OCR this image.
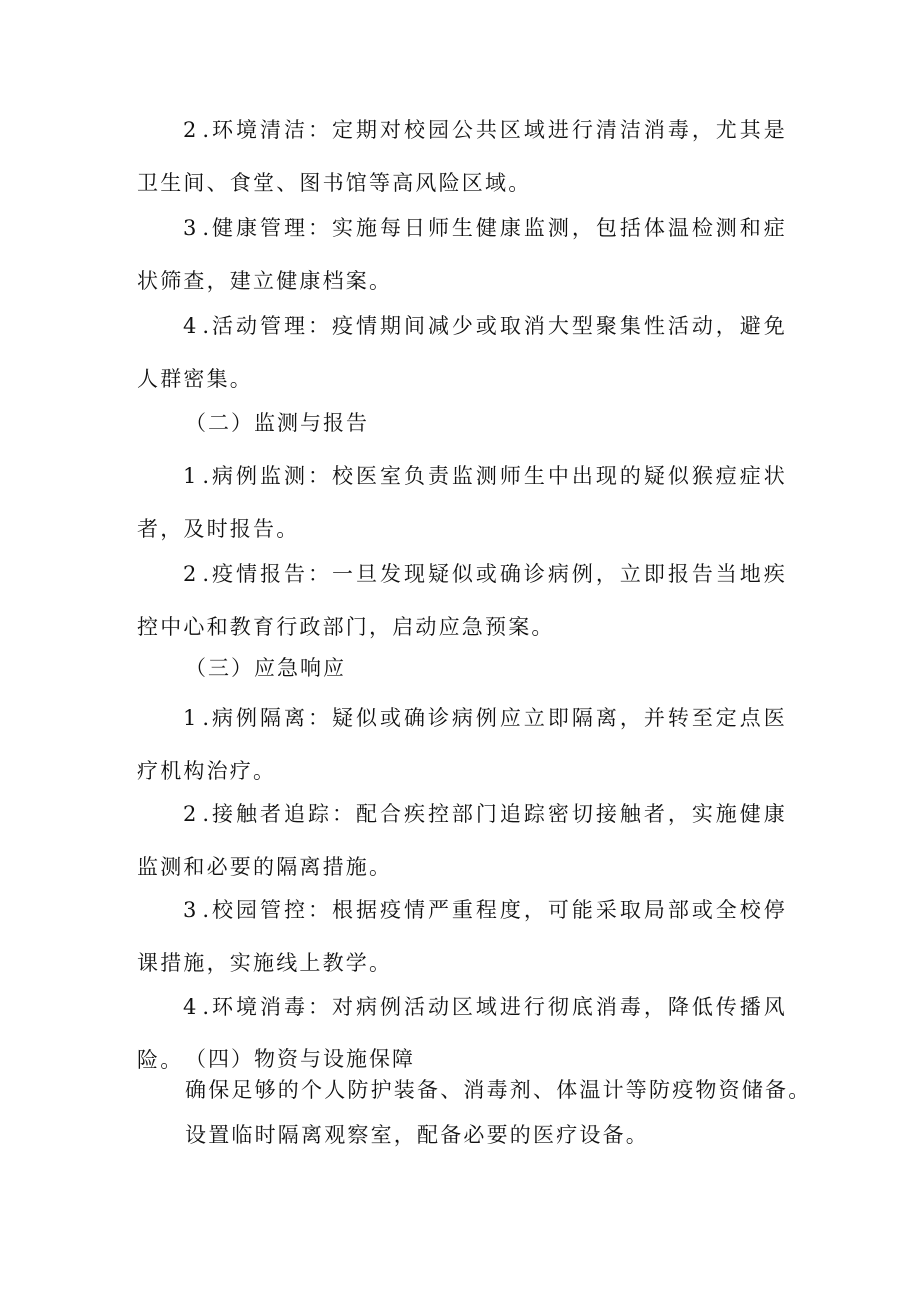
2.环境清洁：定期对校园公共区域进行清洁消毒，尤其是卫生间、食堂、图书馆等高风险区域。

3.健康管理：实施每日师生健康监测，包括体温检测和症状筛查，建立健康档案。

4.活动管理：疫情期间减少或取消大型聚集性活动，避免人群密集。

（二）监测与报告

1.病例监测：校医室负责监测师生中出现的疑似猴痘症状者，及时报告。

2.疫情报告：一旦发现疑似或确诊病例，立即报告当地疾控中心和教育行政部门，启动应急预案。

（三）应急响应

1.病例隔离：疑似或确诊病例应立即隔离，并转至定点医疗机构治疗。

2.接触者追踪：配合疾控部门追踪密切接触者，实施健康监测和必要的隔离措施。

3.校园管控：根据疫情严重程度，可能采取局部或全校停课措施，实施线上教学。

4.环境消毒：对病例活动区域进行彻底消毒，降低传播风险。 （四）物资与设施保障

确保足够的个人防护装备、消毒剂、体温计等防疫物资储备。

设置临时隔离观察室，配备必要的医疗设备。
